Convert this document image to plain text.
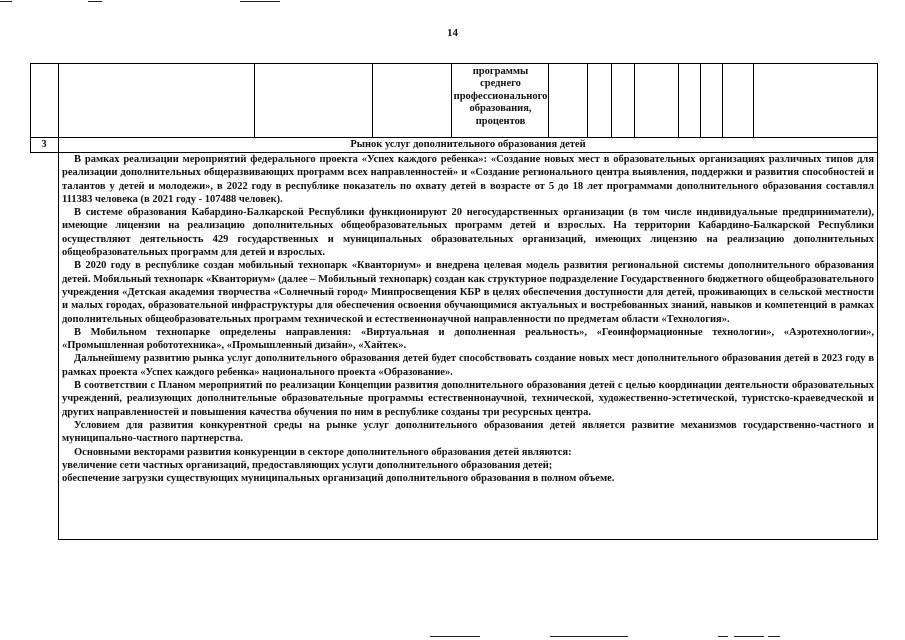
14
программы
среднего
профессионального
образования,
процентов
3	Рынок услуг дополнительного образования детей

В рамках реализации мероприятий федерального проекта «Успех каждого ребенка»: «Создание новых мест в образовательных организациях различных типов для реализации дополнительных общеразвивающих программ всех направленностей» и «Создание регионального центра выявления, поддержки и развития способностей и талантов у детей и молодежи», в 2022 году в республике показатель по охвату детей в возрасте от 5 до 18 лет программами дополнительного образования составлял 111383 человека (в 2021 году - 107488 человек).

В системе образования Кабардино-Балкарской Республики функционируют 20 негосударственных организации (в том числе индивидуальные предприниматели), имеющие лицензии на реализацию дополнительных общеобразовательных программ детей и взрослых. На территории Кабардино-Балкарской Республики осуществляют деятельность 429 государственных и муниципальных образовательных организаций, имеющих лицензию на реализацию дополнительных общеобразовательных программ для детей и взрослых.

В 2020 году в республике создан мобильный технопарк «Кванториум» и внедрена целевая модель развития региональной системы дополнительного образования детей. Мобильный технопарк «Кванториум» (далее – Мобильный технопарк) создан как структурное подразделение Государственного бюджетного общеобразовательного учреждения «Детская академия творчества «Солнечный город» Минпросвещения КБР в целях обеспечения доступности для детей, проживающих в сельской местности и малых городах, образовательной инфраструктуры для обеспечения освоения обучающимися актуальных и востребованных знаний, навыков и компетенций в рамках дополнительных общеобразовательных программ технической и естественнонаучной направленности по предметам области «Технология».

В Мобильном технопарке определены направления: «Виртуальная и дополненная реальность», «Геоинформационные технологии», «Аэротехнологии», «Промышленная робототехника», «Промышленный дизайн», «Хайтек».

Дальнейшему развитию рынка услуг дополнительного образования детей будет способствовать создание новых мест дополнительного образования детей в 2023 году в рамках проекта «Успех каждого ребенка» национального проекта «Образование».

В соответствии с Планом мероприятий по реализации Концепции развития дополнительного образования детей с целью координации деятельности образовательных учреждений, реализующих дополнительные образовательные программы естественнонаучной, технической, художественно-эстетической, туристско-краеведческой и других направленностей и повышения качества обучения по ним в республике созданы три ресурсных центра.

Условием для развития конкурентной среды на рынке услуг дополнительного образования детей является развитие механизмов государственно-частного и муниципально-частного партнерства.

Основными векторами развития конкуренции в секторе дополнительного образования детей являются:

увеличение сети частных организаций, предоставляющих услуги дополнительного образования детей;

обеспечение загрузки существующих муниципальных организаций дополнительного образования в полном объеме.
